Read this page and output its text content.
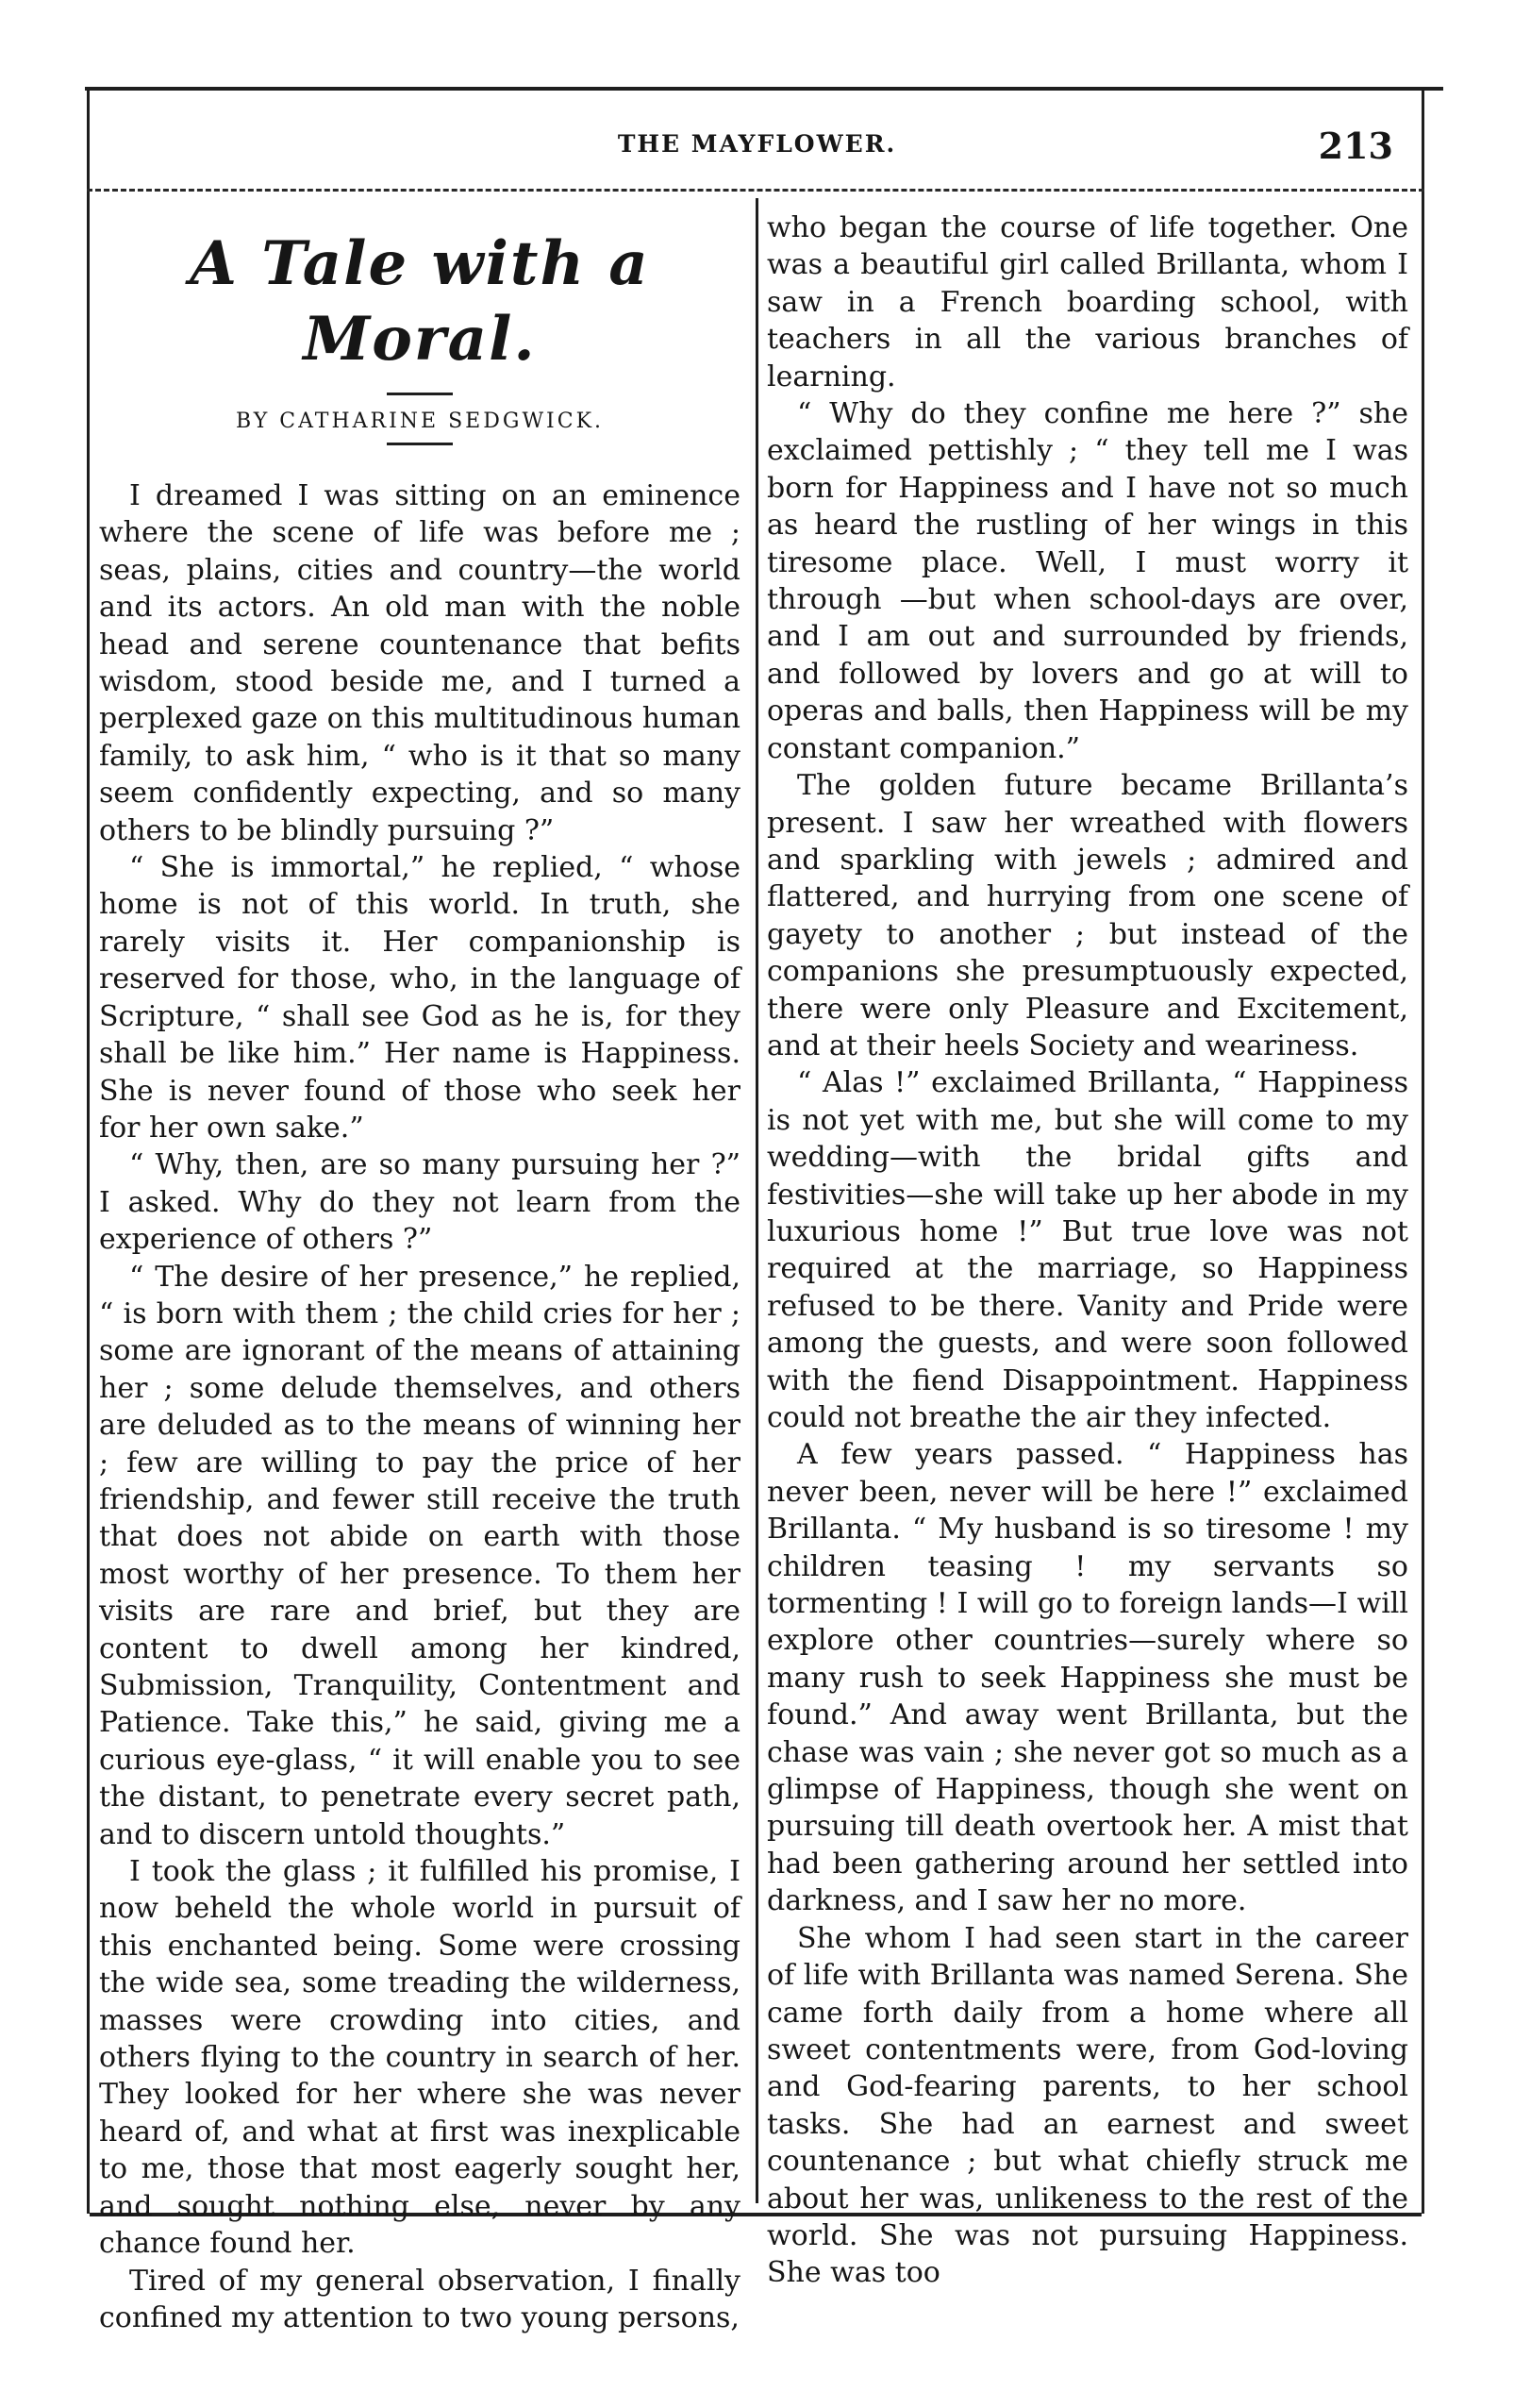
THE MAYFLOWER.	213
A Tale with a Moral.
BY CATHARINE SEDGWICK.

I dreamed I was sitting on an eminence where the scene of life was before me ; seas, plains, cities and country—the world and its actors. An old man with the noble head and serene countenance that befits wisdom, stood beside me, and I turned a perplexed gaze on this multitudinous human family, to ask him, “ who is it that so many seem confidently expecting, and so many others to be blindly pursuing ?”

“ She is immortal,” he replied, “ whose home is not of this world. In truth, she rarely visits it. Her companionship is reserved for those, who, in the language of Scripture, “ shall see God as he is, for they shall be like him.” Her name is Happiness. She is never found of those who seek her for her own sake.”

“ Why, then, are so many pursuing her ?” I asked. Why do they not learn from the experience of others ?”

“ The desire of her presence,” he replied, “ is born with them ; the child cries for her ; some are ignorant of the means of attaining her ; some delude themselves, and others are deluded as to the means of winning her ; few are willing to pay the price of her friendship, and fewer still receive the truth that does not abide on earth with those most worthy of her presence. To them her visits are rare and brief, but they are content to dwell among her kindred, Submission, Tranquility, Contentment and Patience. Take this,” he said, giving me a curious eye-glass, “ it will enable you to see the distant, to penetrate every secret path, and to discern untold thoughts.”

I took the glass ; it fulfilled his promise, I now beheld the whole world in pursuit of this enchanted being. Some were crossing the wide sea, some treading the wilderness, masses were crowding into cities, and others flying to the country in search of her. They looked for her where she was never heard of, and what at first was inexplicable to me, those that most eagerly sought her, and sought nothing else, never by any chance found her.

Tired of my general observation, I finally confined my attention to two young persons,

who began the course of life together. One was a beautiful girl called Brillanta, whom I saw in a French boarding school, with teachers in all the various branches of learning.

“ Why do they confine me here ?” she exclaimed pettishly ; “ they tell me I was born for Happiness and I have not so much as heard the rustling of her wings in this tiresome place. Well, I must worry it through —but when school-days are over, and I am out and surrounded by friends, and followed by lovers and go at will to operas and balls, then Happiness will be my constant companion.”

The golden future became Brillanta’s present. I saw her wreathed with flowers and sparkling with jewels ; admired and flattered, and hurrying from one scene of gayety to another ; but instead of the companions she presumptuously expected, there were only Pleasure and Excitement, and at their heels Society and weariness.

“ Alas !” exclaimed Brillanta, “ Happiness is not yet with me, but she will come to my wedding—with the bridal gifts and festivities—she will take up her abode in my luxurious home !” But true love was not required at the marriage, so Happiness refused to be there. Vanity and Pride were among the guests, and were soon followed with the fiend Disappointment. Happiness could not breathe the air they infected.

A few years passed. “ Happiness has never been, never will be here !” exclaimed Brillanta. “ My husband is so tiresome ! my children teasing ! my servants so tormenting ! I will go to foreign lands—I will explore other countries—surely where so many rush to seek Happiness she must be found.” And away went Brillanta, but the chase was vain ; she never got so much as a glimpse of Happiness, though she went on pursuing till death overtook her. A mist that had been gathering around her settled into darkness, and I saw her no more.

She whom I had seen start in the career of life with Brillanta was named Serena. She came forth daily from a home where all sweet contentments were, from God-loving and God-fearing parents, to her school tasks. She had an earnest and sweet countenance ; but what chiefly struck me about her was, unlikeness to the rest of the world. She was not pursuing Happiness. She was too
